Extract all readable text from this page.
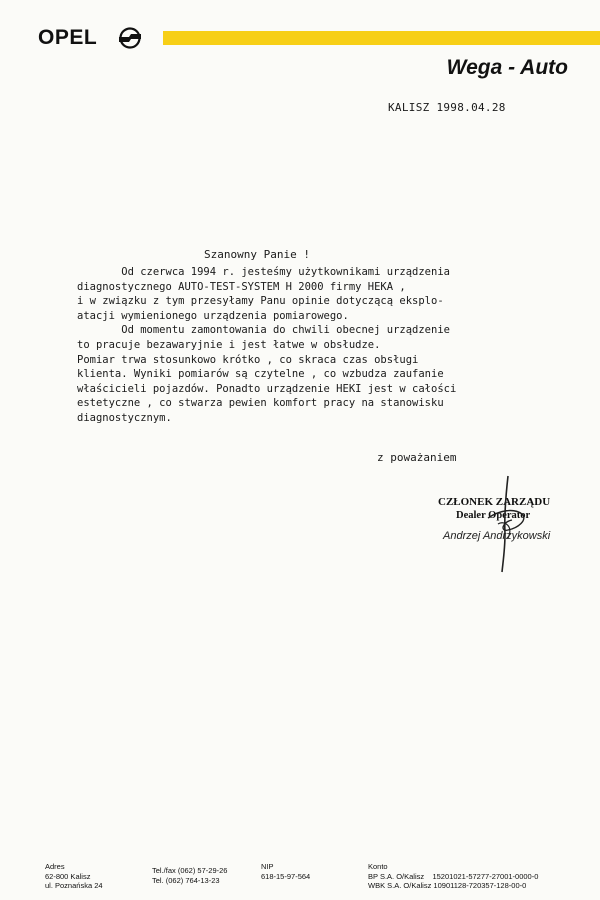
OPEL
Wega - Auto
KALISZ 1998.04.28
Szanowny Panie !
Od czerwca 1994 r. jesteśmy użytkownikami urządzenia
diagnostycznego AUTO-TEST-SYSTEM H 2000 firmy HEKA ,
i w związku z tym przesyłamy Panu opinie dotyczącą eksplo-
atacji wymienionego urządzenia pomiarowego.
Od momentu zamontowania do chwili obecnej urządzenie
to pracuje bezawaryjnie i jest łatwe w obsłudze.
Pomiar trwa stosunkowo krótko , co skraca czas obsługi
klienta. Wyniki pomiarów są czytelne , co wzbudza zaufanie
właścicieli pojazdów. Ponadto urządzenie HEKI jest w całości
estetyczne , co stwarza pewien komfort pracy na stanowisku
diagnostycznym.
z poważaniem
CZŁONEK ZARZĄDU
Dealer Operator
Andrzej Andrzykowski
Adres
62-800 Kalisz
ul. Poznańska 24
Tel./fax (062) 57-29-26
Tel. (062) 764-13-23
NIP
618-15-97-564
Konto
BP S.A. O/Kalisz    15201021-57277-27001-0000-0
WBK S.A. O/Kalisz 10901128-720357-128-00-0
